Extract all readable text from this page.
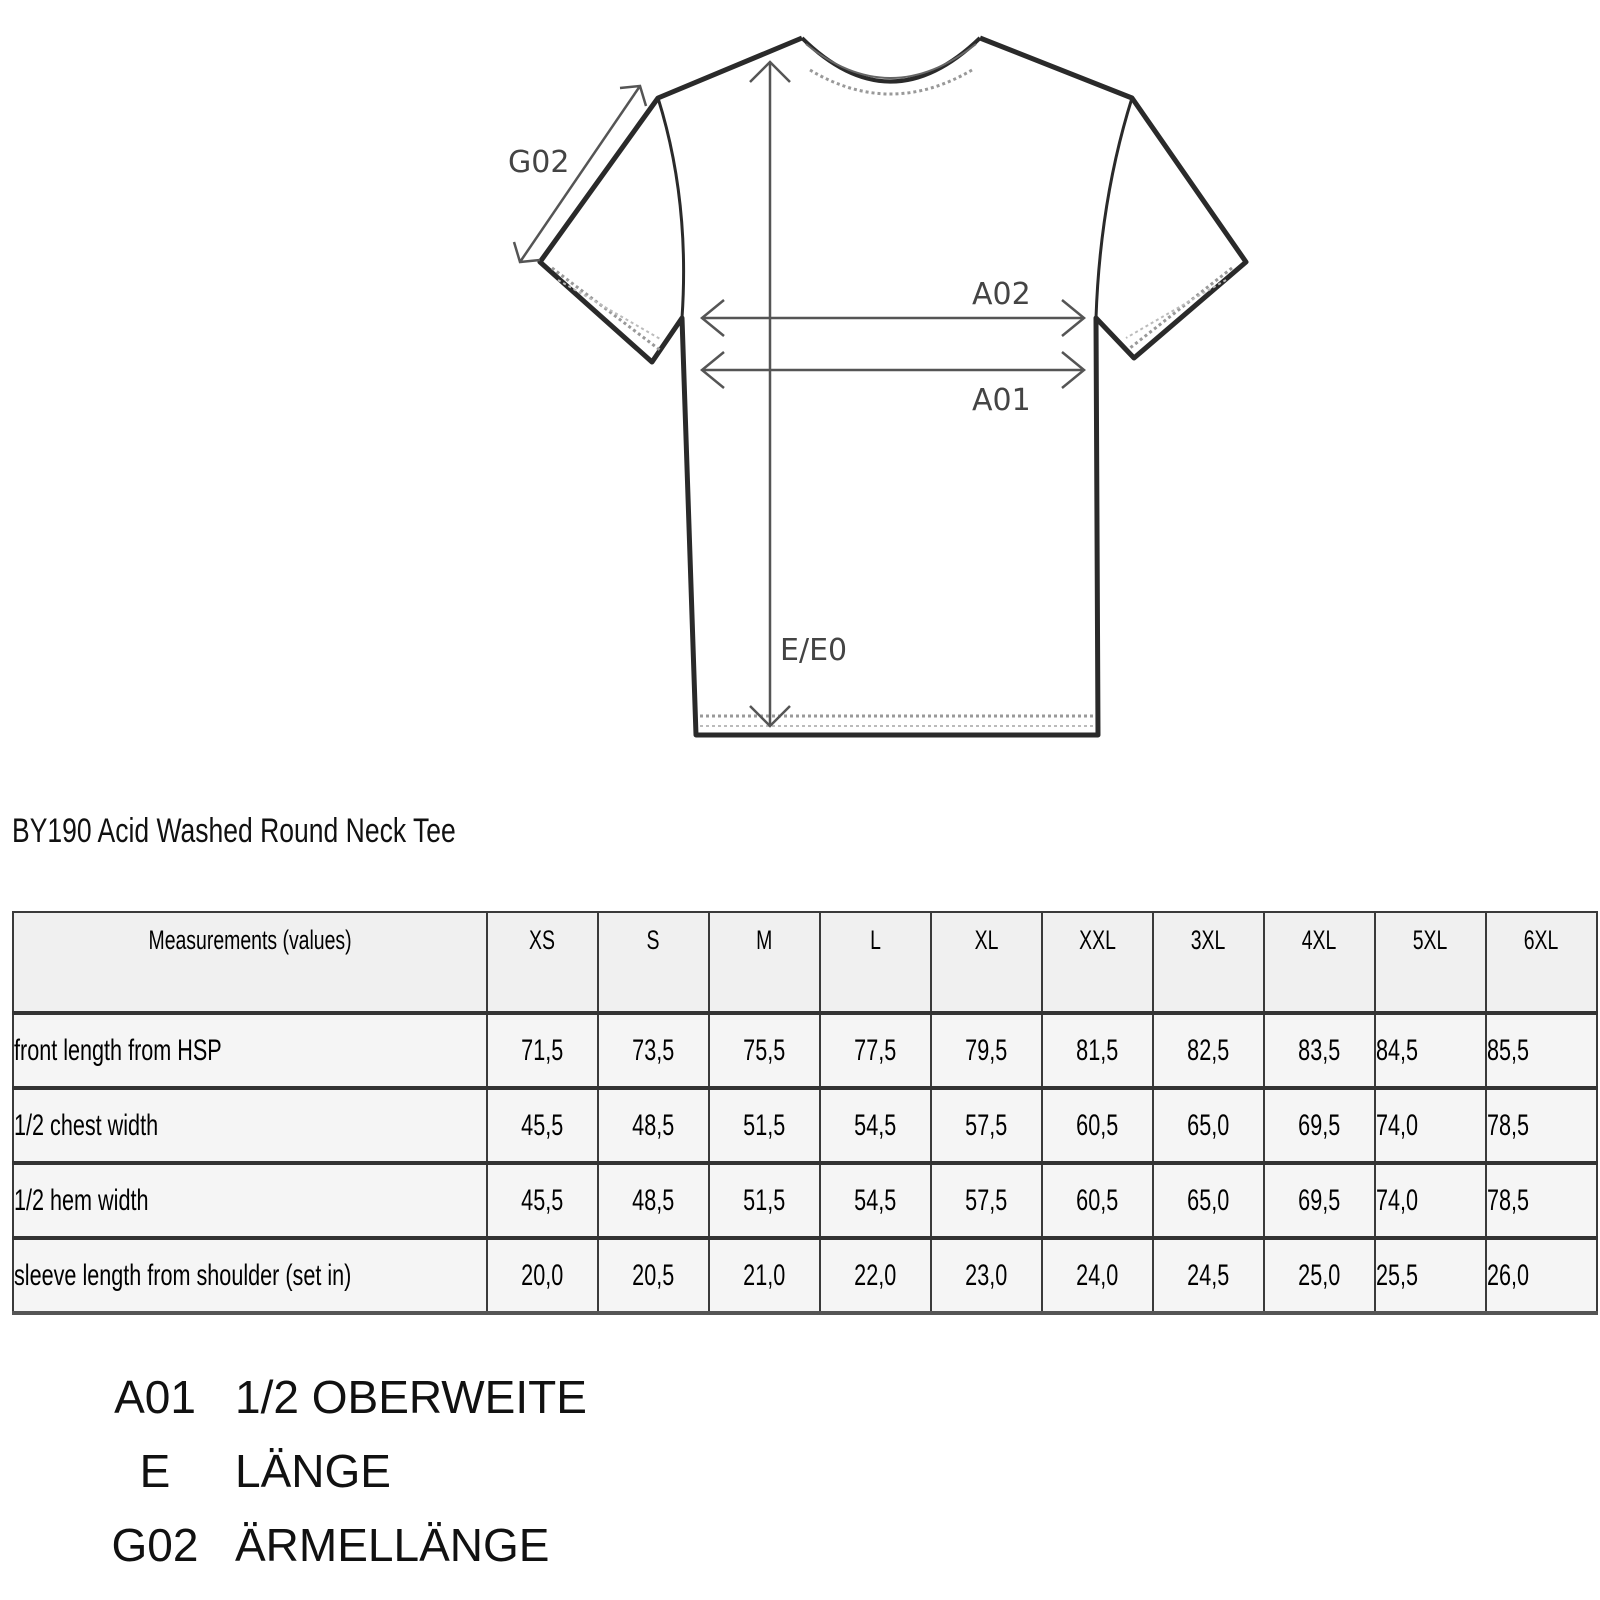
G02
A02
A01
E/E0
BY190 Acid Washed Round Neck Tee
Measurements (values)	XS	S	M	L	XL	XXL	3XL	4XL	5XL	6XL
front length from HSP	71,5	73,5	75,5	77,5	79,5	81,5	82,5	83,5	84,5	85,5
1/2 chest width	45,5	48,5	51,5	54,5	57,5	60,5	65,0	69,5	74,0	78,5
1/2 hem width	45,5	48,5	51,5	54,5	57,5	60,5	65,0	69,5	74,0	78,5
sleeve length from shoulder (set in)	20,0	20,5	21,0	22,0	23,0	24,0	24,5	25,0	25,5	26,0
A01 1/2 OBERWEITE
E	LÄNGE
G02 ÄRMELLÄNGE
